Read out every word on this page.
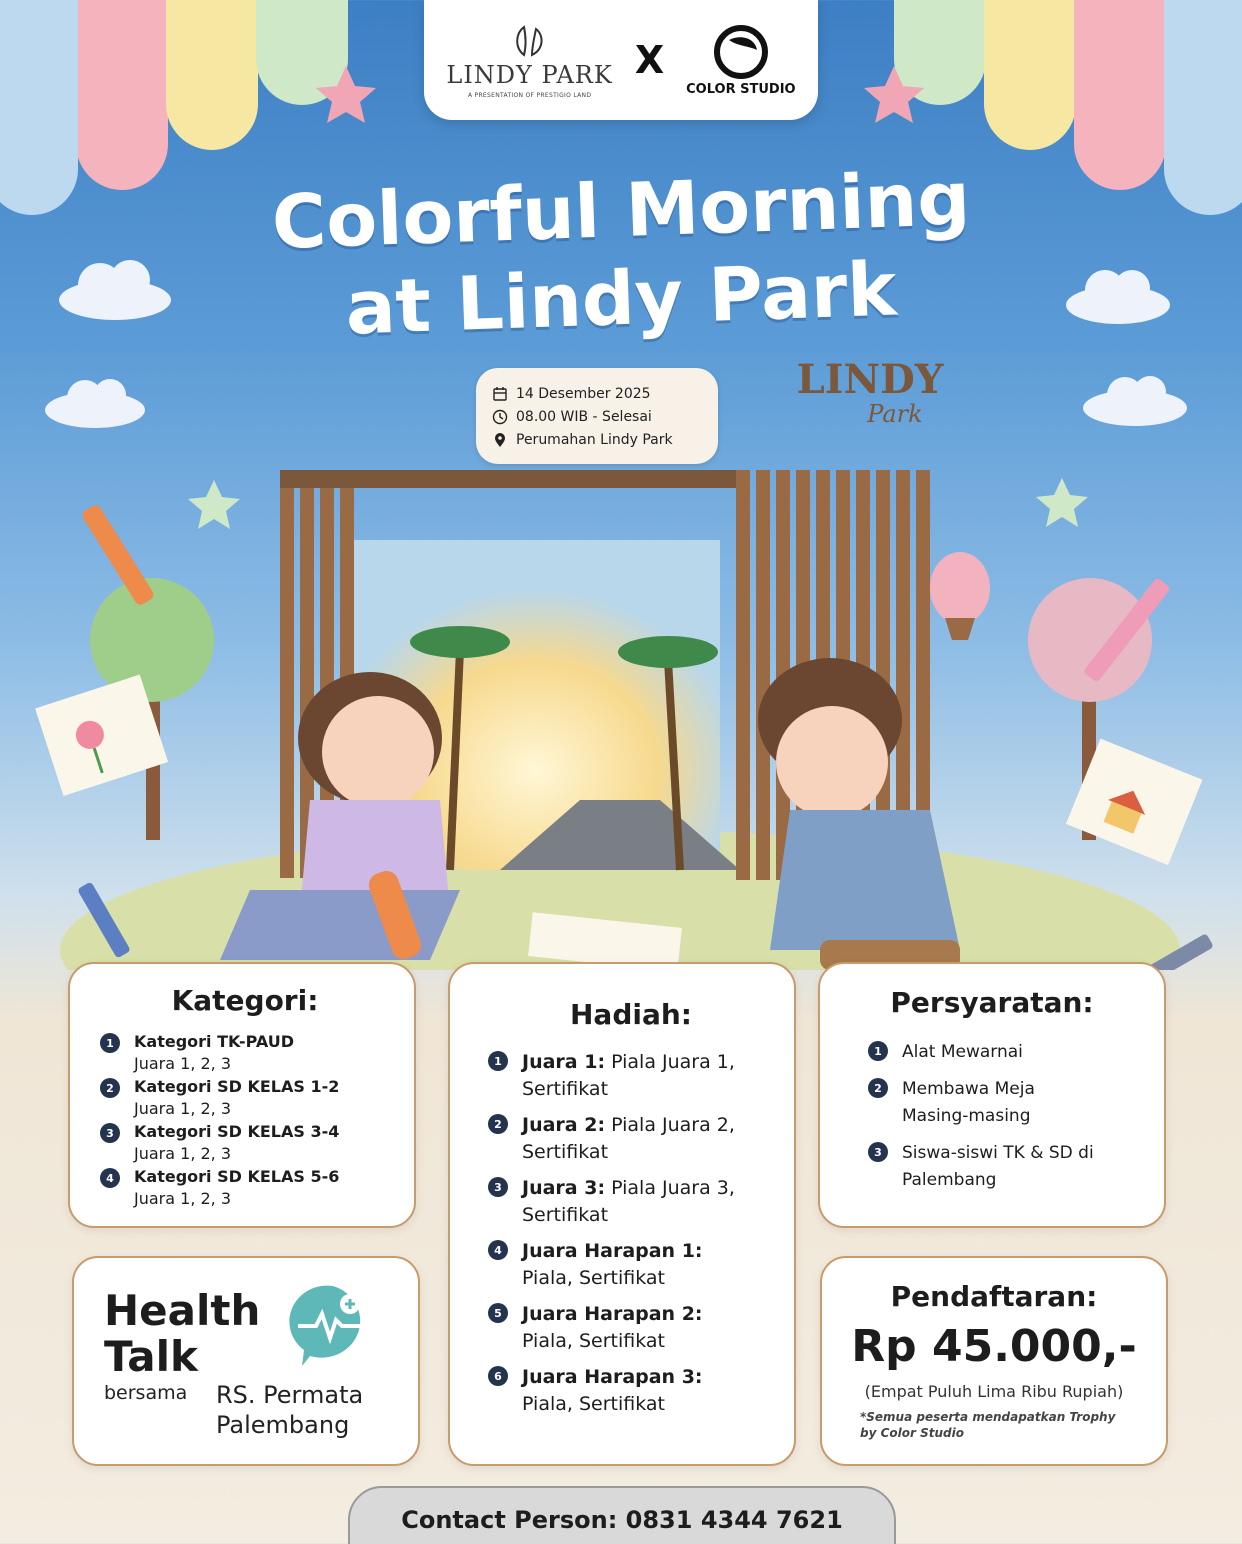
LINDY PARK
A PRESENTATION OF PRESTIGIO LAND
X
COLOR STUDIO
Colorful Morning
at Lindy Park
LINDY
Park
14 Desember 2025
08.00 WIB - Selesai
Perumahan Lindy Park
Kategori:
1	Kategori TK-PAUD
Juara 1, 2, 3
2	Kategori SD KELAS 1-2
Juara 1, 2, 3
3	Kategori SD KELAS 3-4
Juara 1, 2, 3
4	Kategori SD KELAS 5-6
Juara 1, 2, 3
Hadiah:
1	Juara 1: Piala Juara 1, Sertifikat
2	Juara 2: Piala Juara 2, Sertifikat
3	Juara 3: Piala Juara 3, Sertifikat
4	Juara Harapan 1:
Piala, Sertifikat
5	Juara Harapan 2:
Piala, Sertifikat
6	Juara Harapan 3:
Piala, Sertifikat
Persyaratan:
1	Alat Mewarnai
2	Membawa Meja Masing-masing
3	Siswa-siswi TK & SD di Palembang
Health
Talk
bersama RS. Permata
Palembang
Pendaftaran:
Rp 45.000,-
(Empat Puluh Lima Ribu Rupiah)
*Semua peserta mendapatkan Trophy
by Color Studio
Contact Person: 0831 4344 7621
